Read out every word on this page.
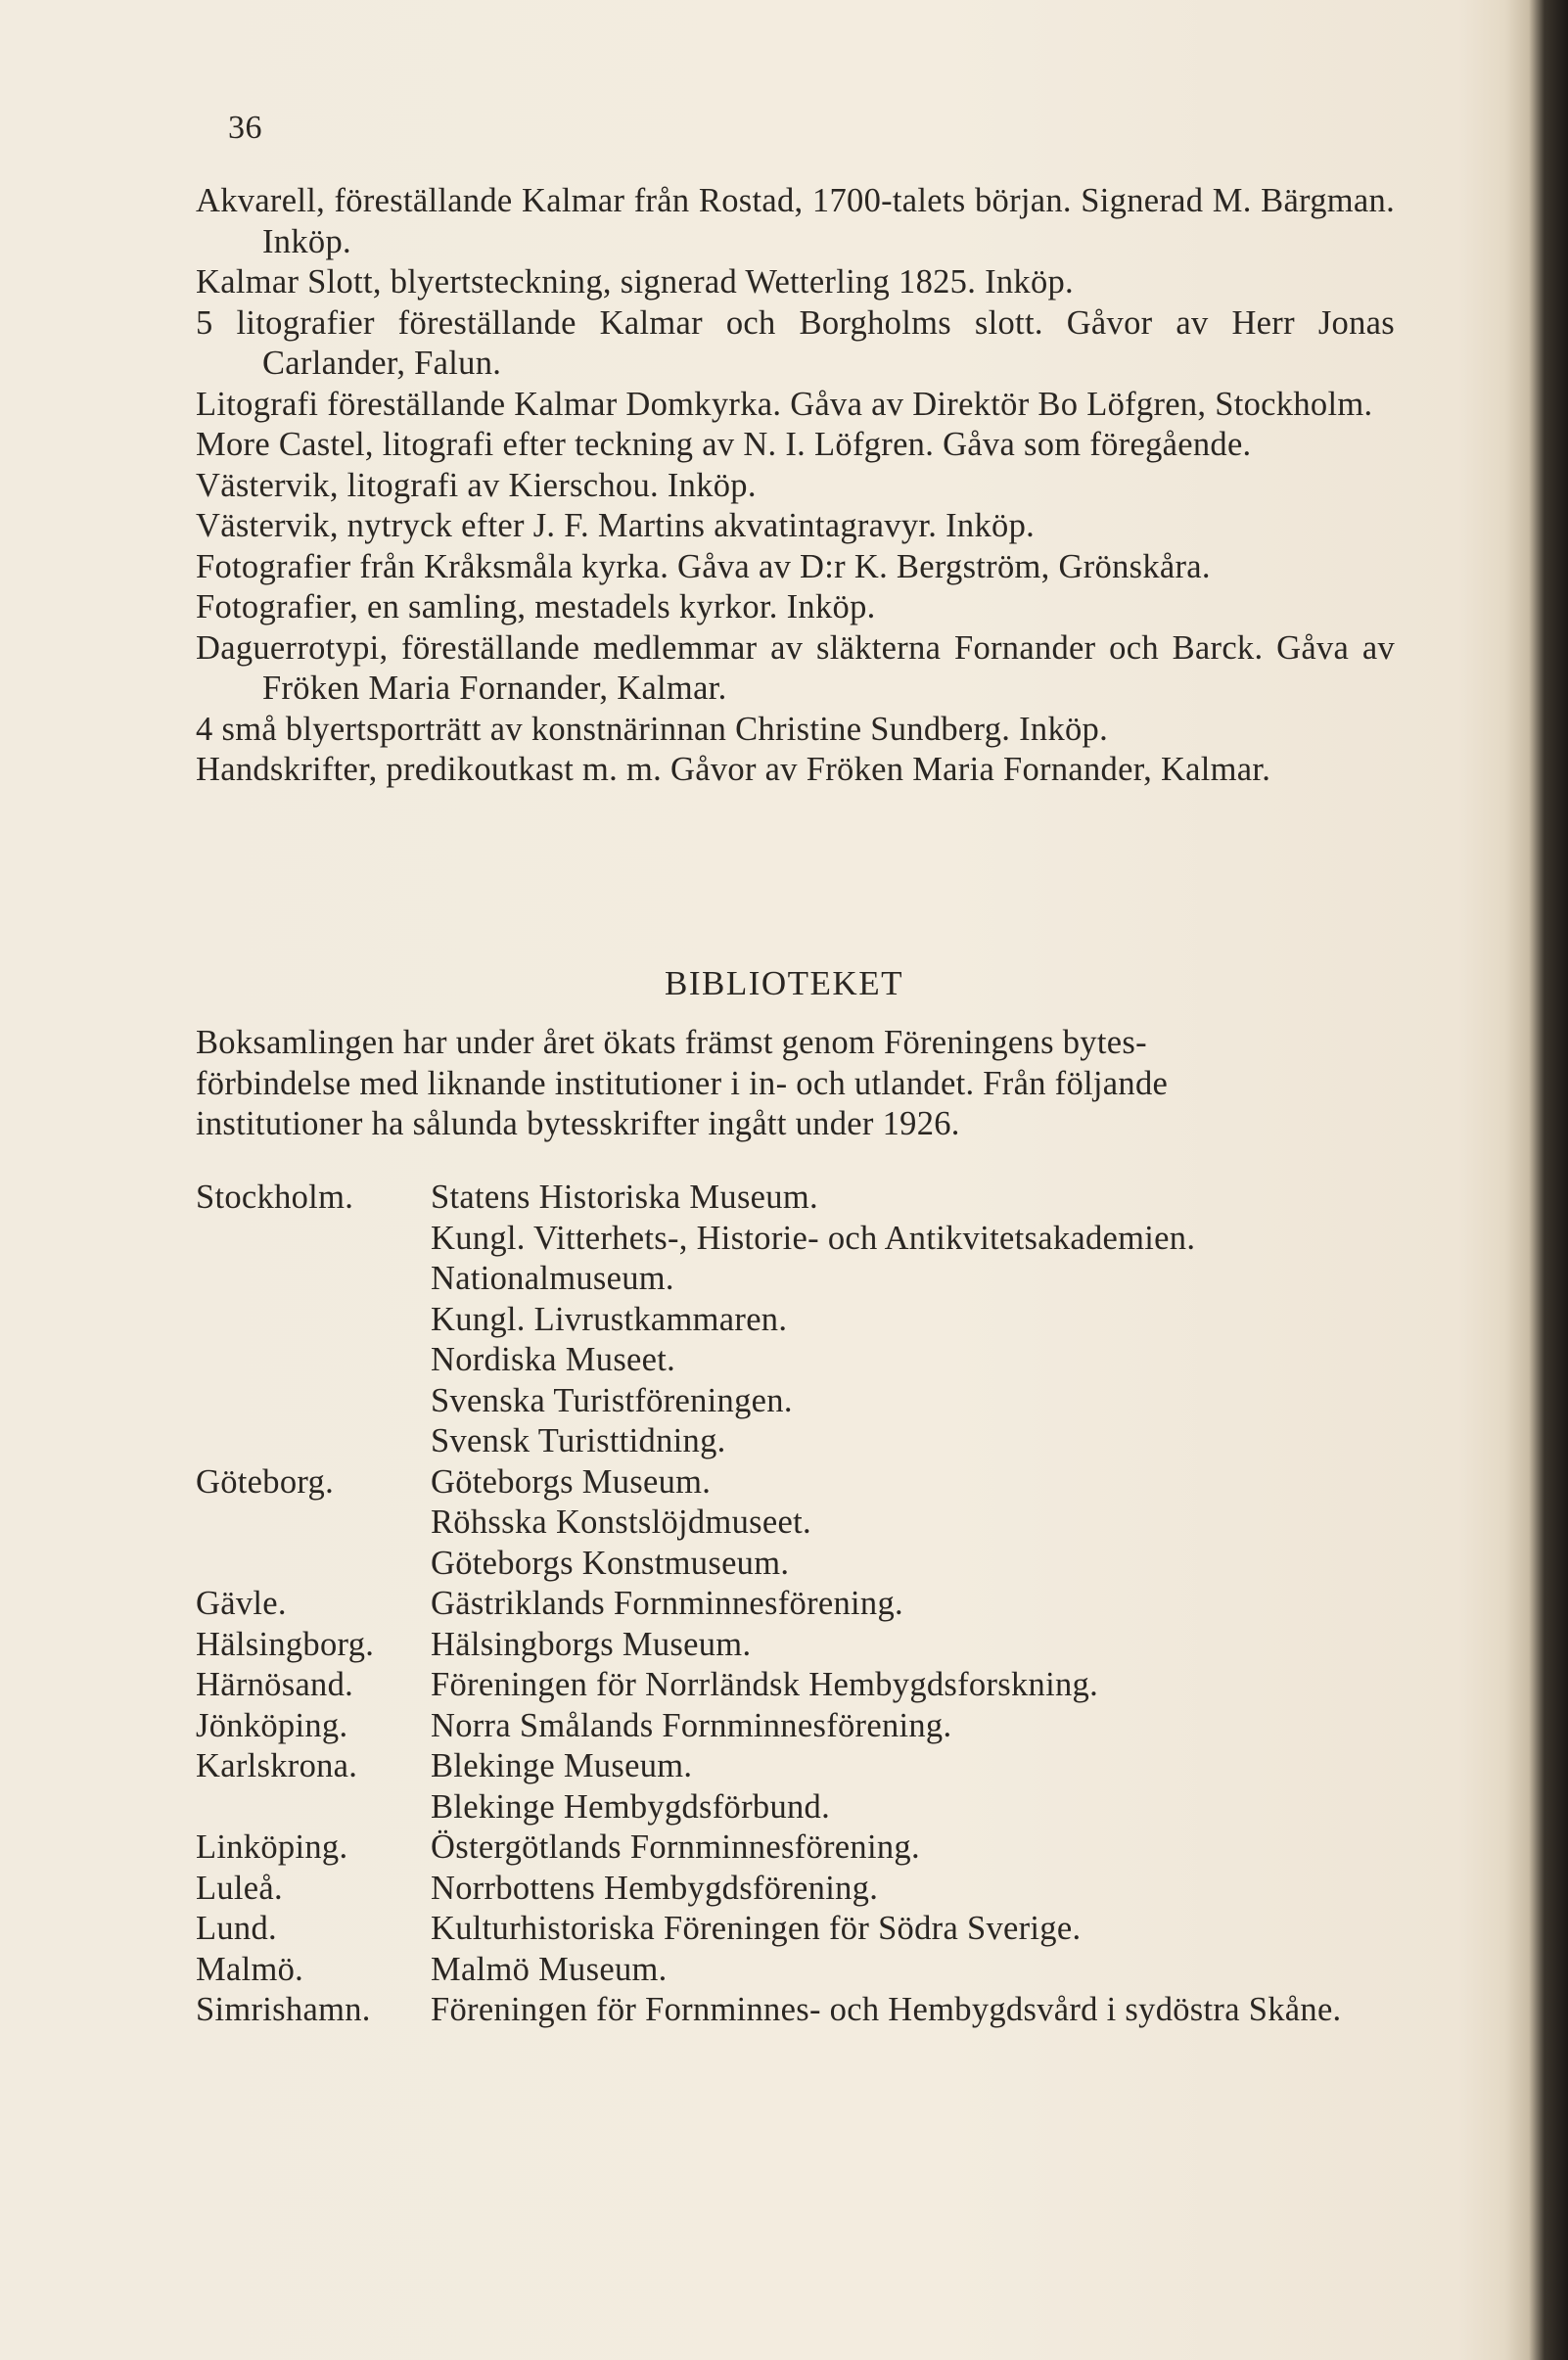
36
Akvarell, föreställande Kalmar från Rostad, 1700-talets början. Signerad M. Bärgman. Inköp.
Kalmar Slott, blyertsteckning, signerad Wetterling 1825. Inköp.
5 litografier föreställande Kalmar och Borgholms slott. Gåvor av Herr Jonas Carlander, Falun.
Litografi föreställande Kalmar Domkyrka. Gåva av Direktör Bo Löfgren, Stockholm.
More Castel, litografi efter teckning av N. I. Löfgren. Gåva som föregående.
Västervik, litografi av Kierschou. Inköp.
Västervik, nytryck efter J. F. Martins akvatintagravyr. Inköp.
Fotografier från Kråksmåla kyrka. Gåva av D:r K. Bergström, Grönskåra.
Fotografier, en samling, mestadels kyrkor. Inköp.
Daguerrotypi, föreställande medlemmar av släkterna Fornander och Barck. Gåva av Fröken Maria Fornander, Kalmar.
4 små blyertsporträtt av konstnärinnan Christine Sundberg. Inköp.
Handskrifter, predikoutkast m. m. Gåvor av Fröken Maria Fornander, Kalmar.
BIBLIOTEKET
Boksamlingen har under året ökats främst genom Föreningens bytes-
förbindelse med liknande institutioner i in- och utlandet. Från följande
institutioner ha sålunda bytesskrifter ingått under 1926.
Stockholm.	Statens Historiska Museum.
Kungl. Vitterhets-, Historie- och Antikvitetsakademien.
Nationalmuseum.
Kungl. Livrustkammaren.
Nordiska Museet.
Svenska Turistföreningen.
Svensk Turisttidning.
Göteborg.	Göteborgs Museum.
Röhsska Konstslöjdmuseet.
Göteborgs Konstmuseum.
Gävle.	Gästriklands Fornminnesförening.
Hälsingborg.	Hälsingborgs Museum.
Härnösand.	Föreningen för Norrländsk Hembygdsforskning.
Jönköping.	Norra Smålands Fornminnesförening.
Karlskrona.	Blekinge Museum.
Blekinge Hembygdsförbund.
Linköping.	Östergötlands Fornminnesförening.
Luleå.	Norrbottens Hembygdsförening.
Lund.	Kulturhistoriska Föreningen för Södra Sverige.
Malmö.	Malmö Museum.
Simrishamn.	Föreningen för Fornminnes- och Hembygdsvård i sydöstra Skåne.
